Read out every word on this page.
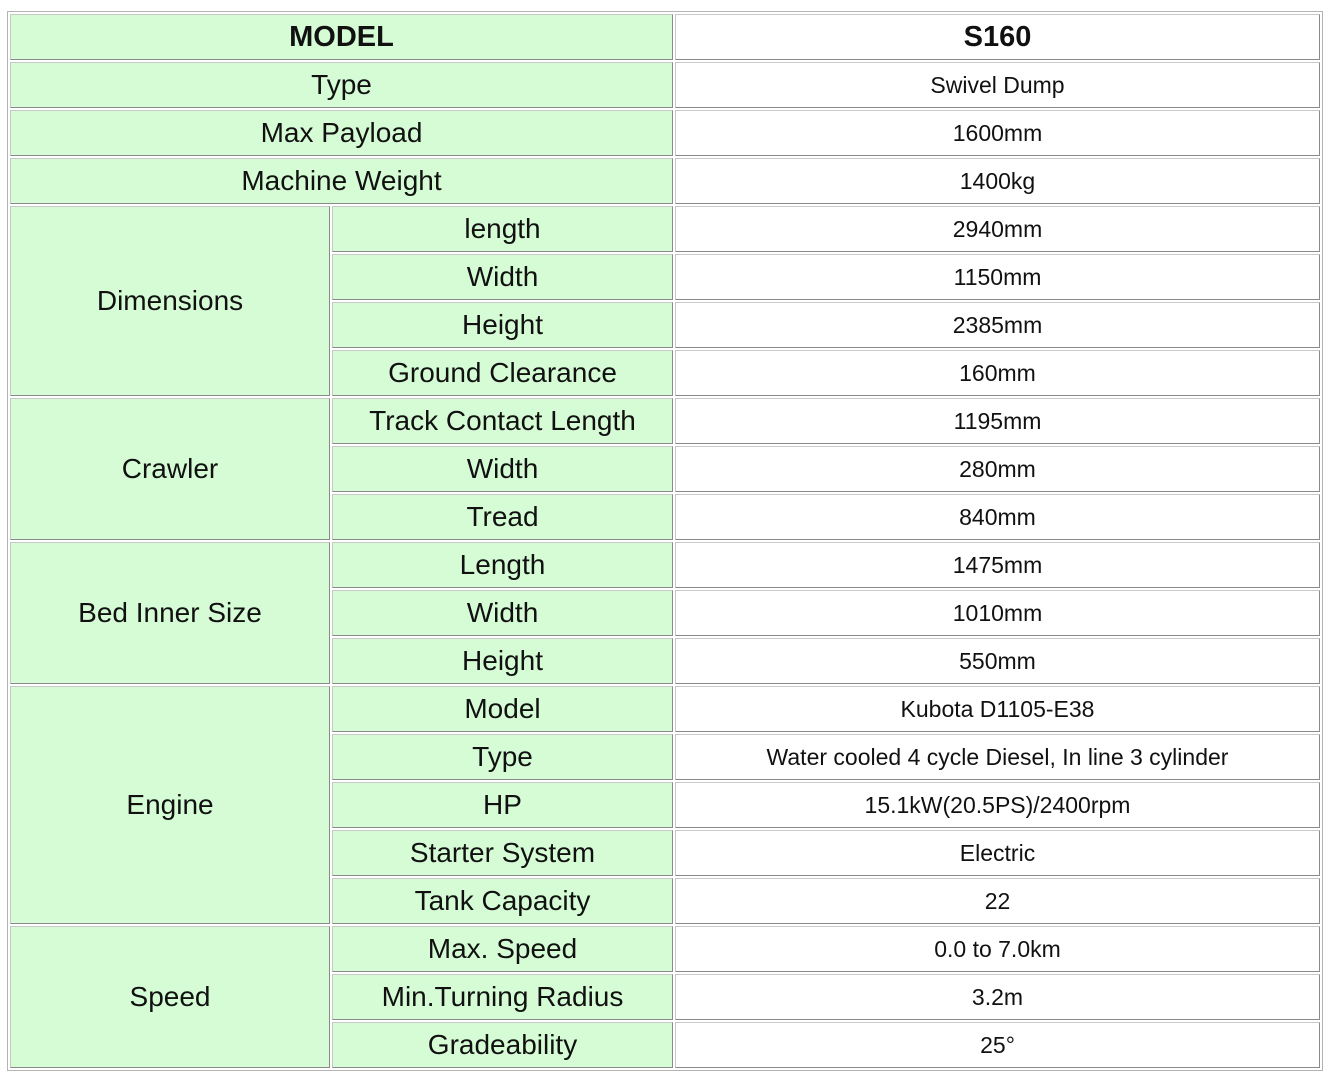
MODEL		S160
Type		Swivel Dump
Max Payload		1600mm
Machine Weight		1400kg
Dimensions	length	2940mm
	Width	1150mm
	Height	2385mm
	Ground Clearance	160mm
Crawler	Track Contact Length	1195mm
	Width	280mm
	Tread	840mm
Bed Inner Size	Length	1475mm
	Width	1010mm
	Height	550mm
Engine	Model	Kubota D1105-E38
	Type	Water cooled 4 cycle Diesel, In line 3 cylinder
	HP	15.1kW(20.5PS)/2400rpm
	Starter System	Electric
	Tank Capacity	22
Speed	Max. Speed	0.0 to 7.0km
	Min.Turning Radius	3.2m
	Gradeability	25°
